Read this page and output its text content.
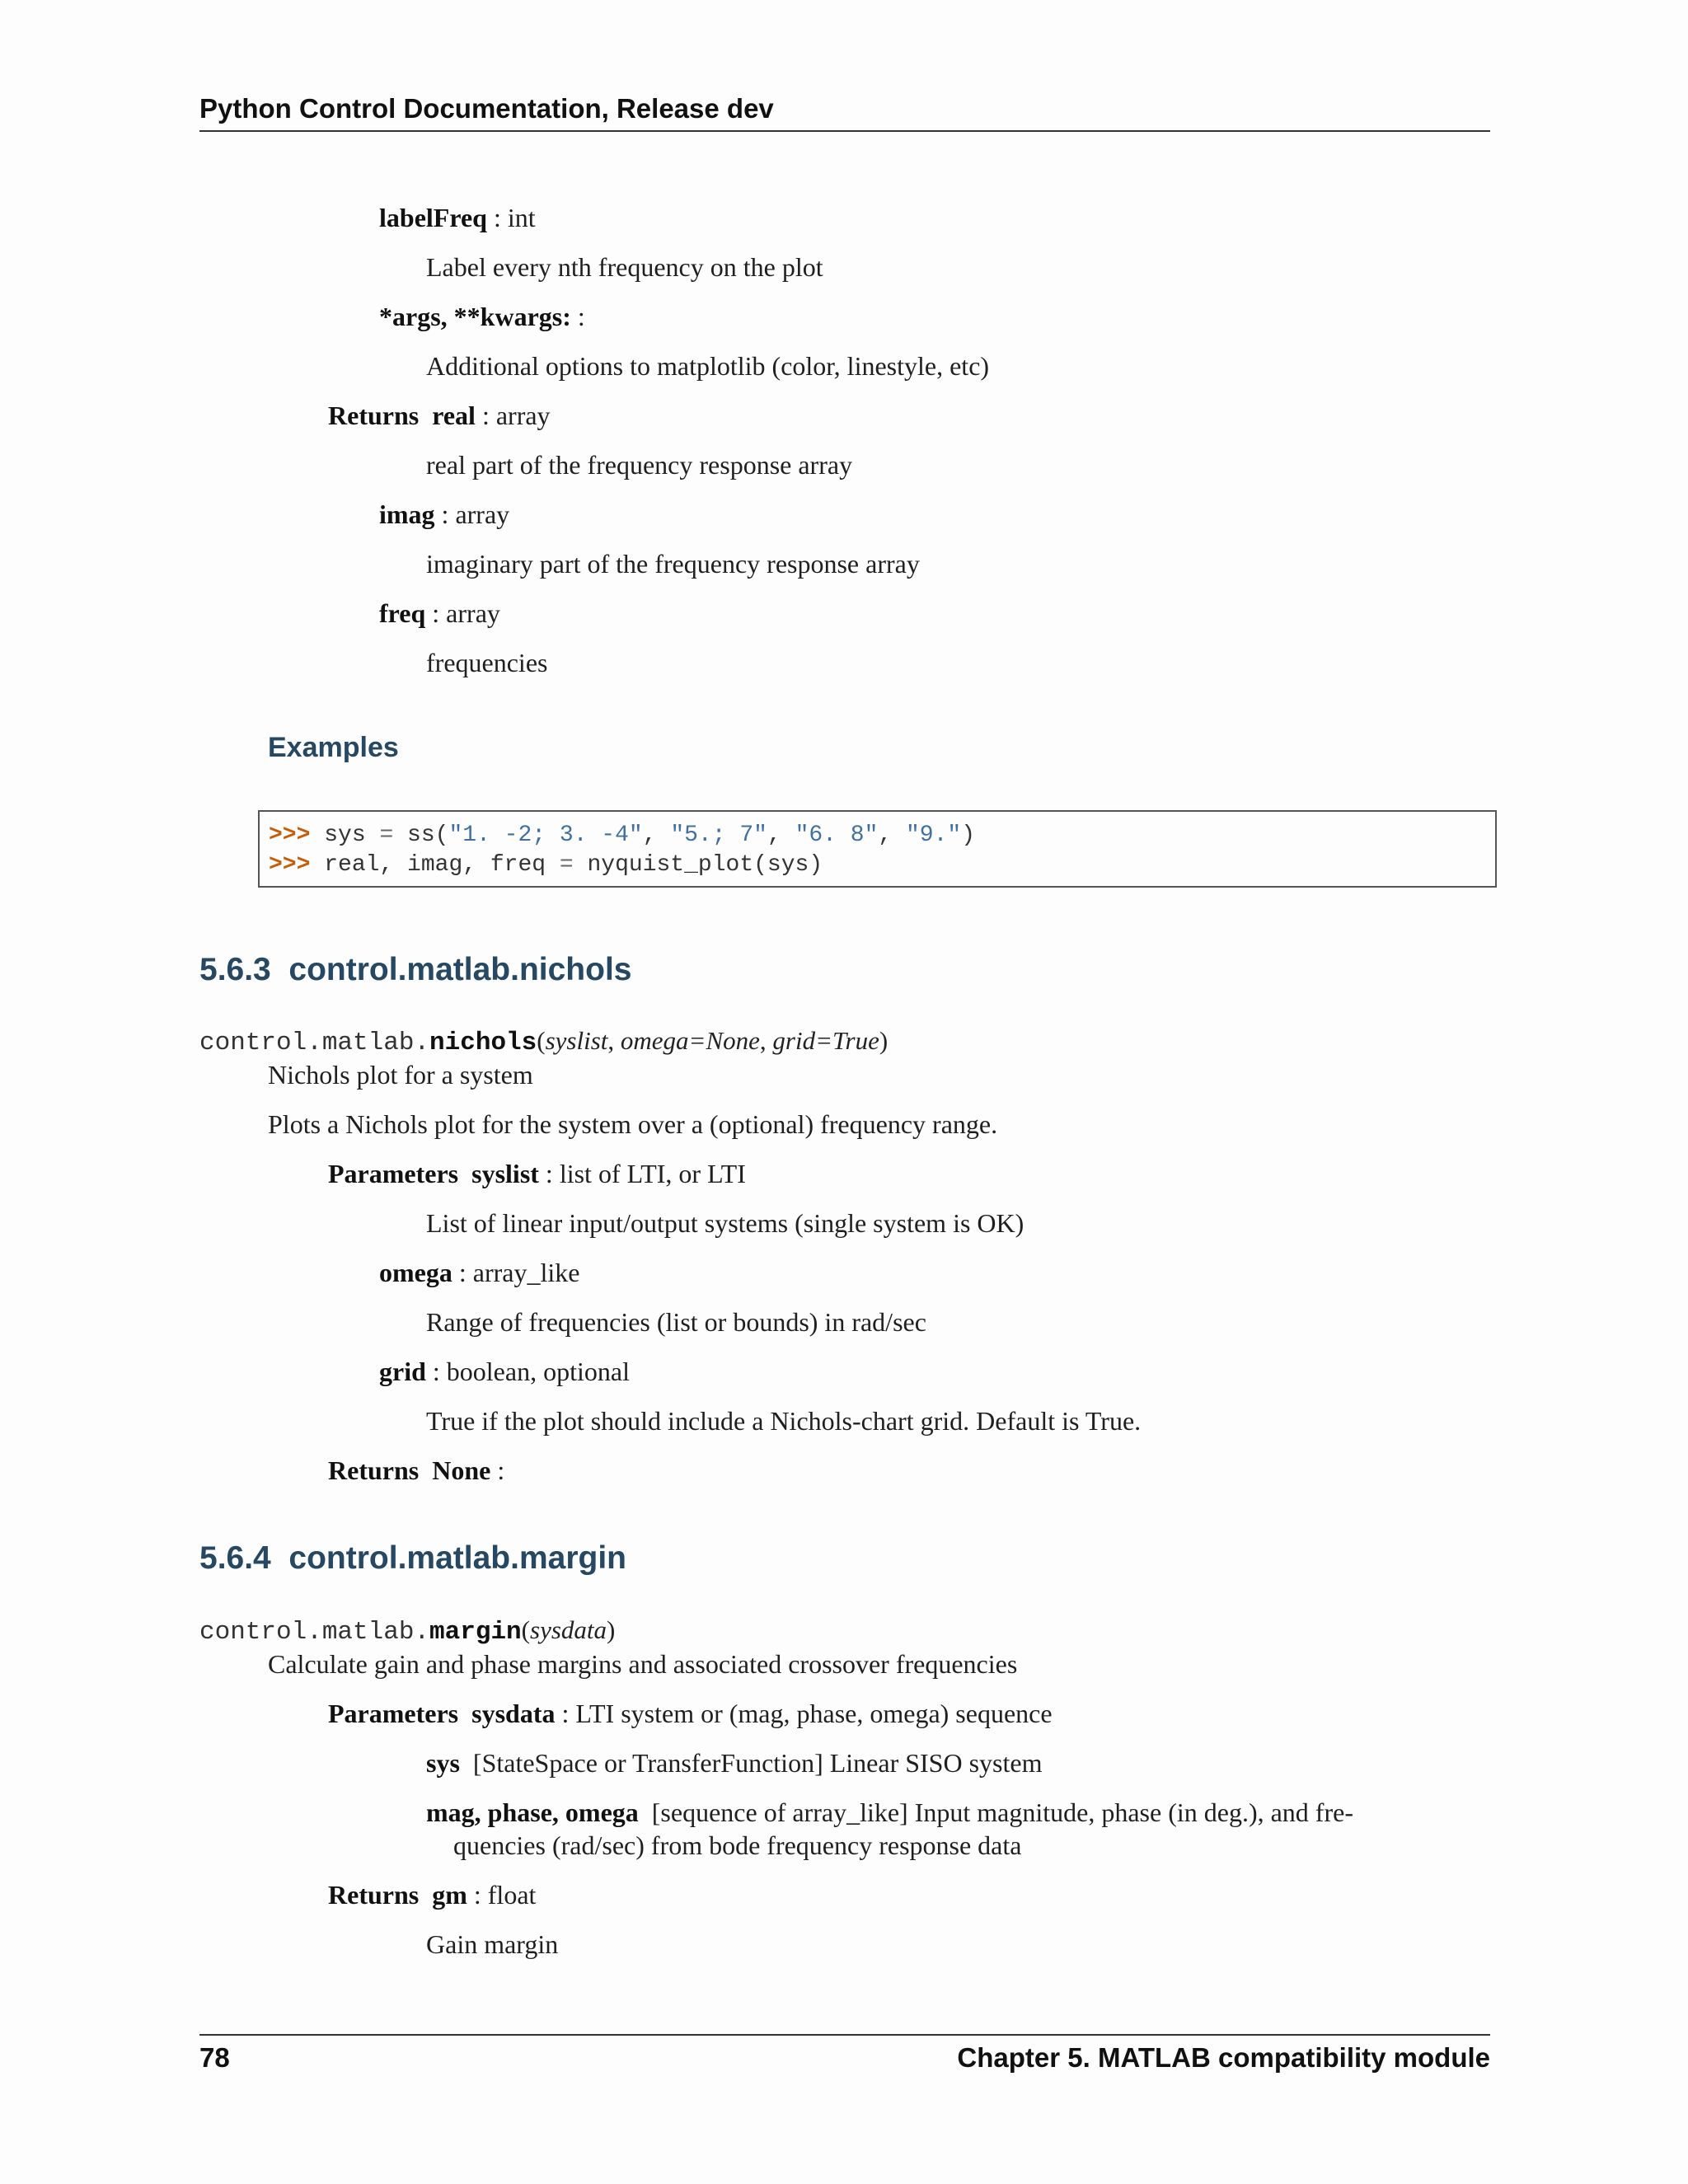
Python Control Documentation, Release dev
labelFreq : int
Label every nth frequency on the plot
*args, **kwargs: :
Additional options to matplotlib (color, linestyle, etc)
Returns real : array
real part of the frequency response array
imag : array
imaginary part of the frequency response array
freq : array
frequencies
Examples
>>> sys = ss("1. -2; 3. -4", "5.; 7", "6. 8", "9.")
>>> real, imag, freq = nyquist_plot(sys)
5.6.3 control.matlab.nichols
control.matlab.nichols(syslist, omega=None, grid=True)
Nichols plot for a system
Plots a Nichols plot for the system over a (optional) frequency range.
Parameters syslist : list of LTI, or LTI
List of linear input/output systems (single system is OK)
omega : array_like
Range of frequencies (list or bounds) in rad/sec
grid : boolean, optional
True if the plot should include a Nichols-chart grid. Default is True.
Returns None :
5.6.4 control.matlab.margin
control.matlab.margin(sysdata)
Calculate gain and phase margins and associated crossover frequencies
Parameters sysdata : LTI system or (mag, phase, omega) sequence
sys [StateSpace or TransferFunction] Linear SISO system
mag, phase, omega [sequence of array_like] Input magnitude, phase (in deg.), and fre-
quencies (rad/sec) from bode frequency response data
Returns gm : float
Gain margin
78	Chapter 5. MATLAB compatibility module
